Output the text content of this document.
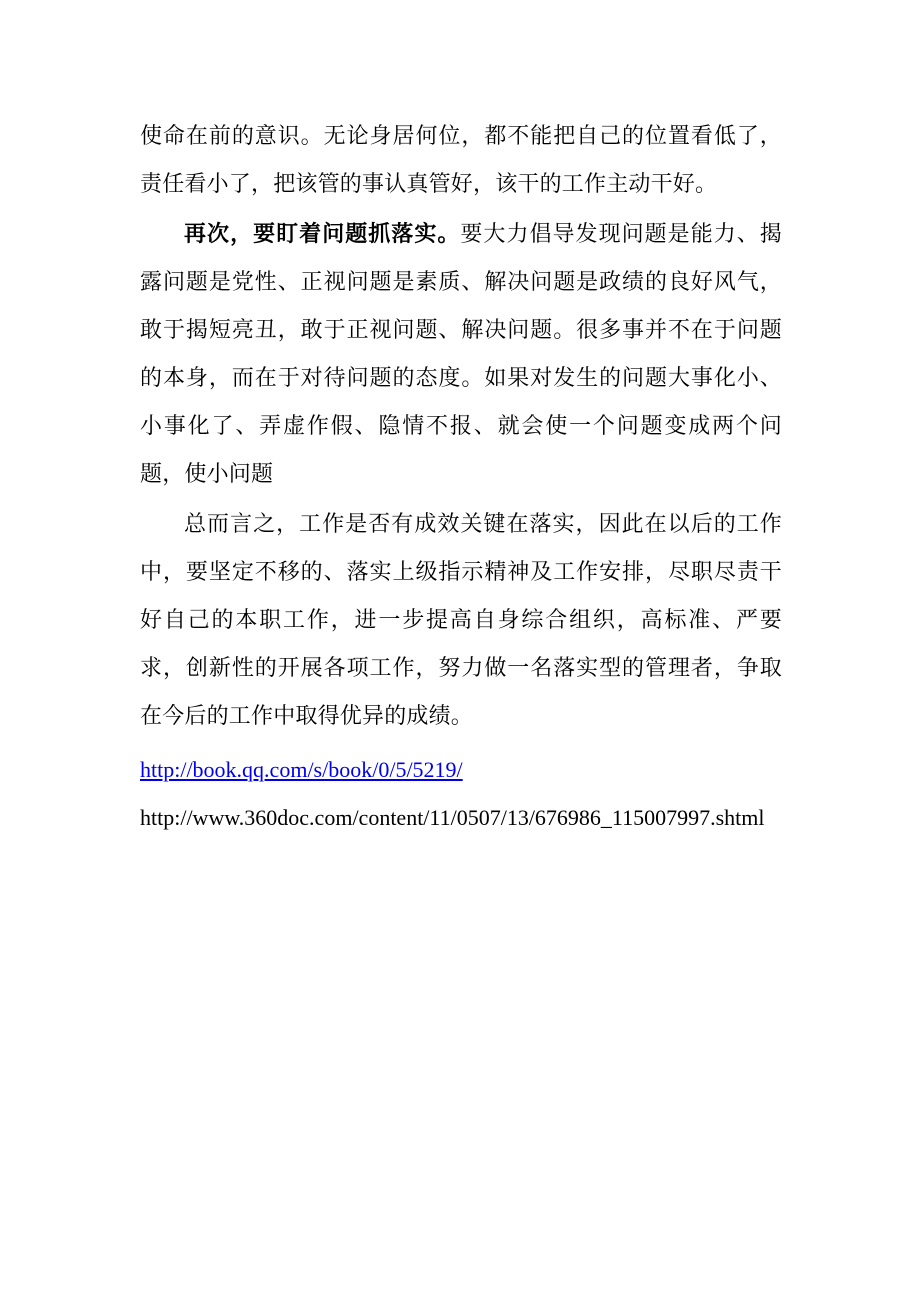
使命在前的意识。无论身居何位，都不能把自己的位置看低了，责任看小了，把该管的事认真管好，该干的工作主动干好。

再次，要盯着问题抓落实。要大力倡导发现问题是能力、揭露问题是党性、正视问题是素质、解决问题是政绩的良好风气，敢于揭短亮丑，敢于正视问题、解决问题。很多事并不在于问题的本身，而在于对待问题的态度。如果对发生的问题大事化小、小事化了、弄虚作假、隐情不报、就会使一个问题变成两个问题，使小问题

总而言之，工作是否有成效关键在落实，因此在以后的工作中，要坚定不移的、落实上级指示精神及工作安排，尽职尽责干好自己的本职工作，进一步提高自身综合组织，高标准、严要求，创新性的开展各项工作，努力做一名落实型的管理者，争取在今后的工作中取得优异的成绩。

http://book.qq.com/s/book/0/5/5219/

http://www.360doc.com/content/11/0507/13/676986_115007997.shtml
